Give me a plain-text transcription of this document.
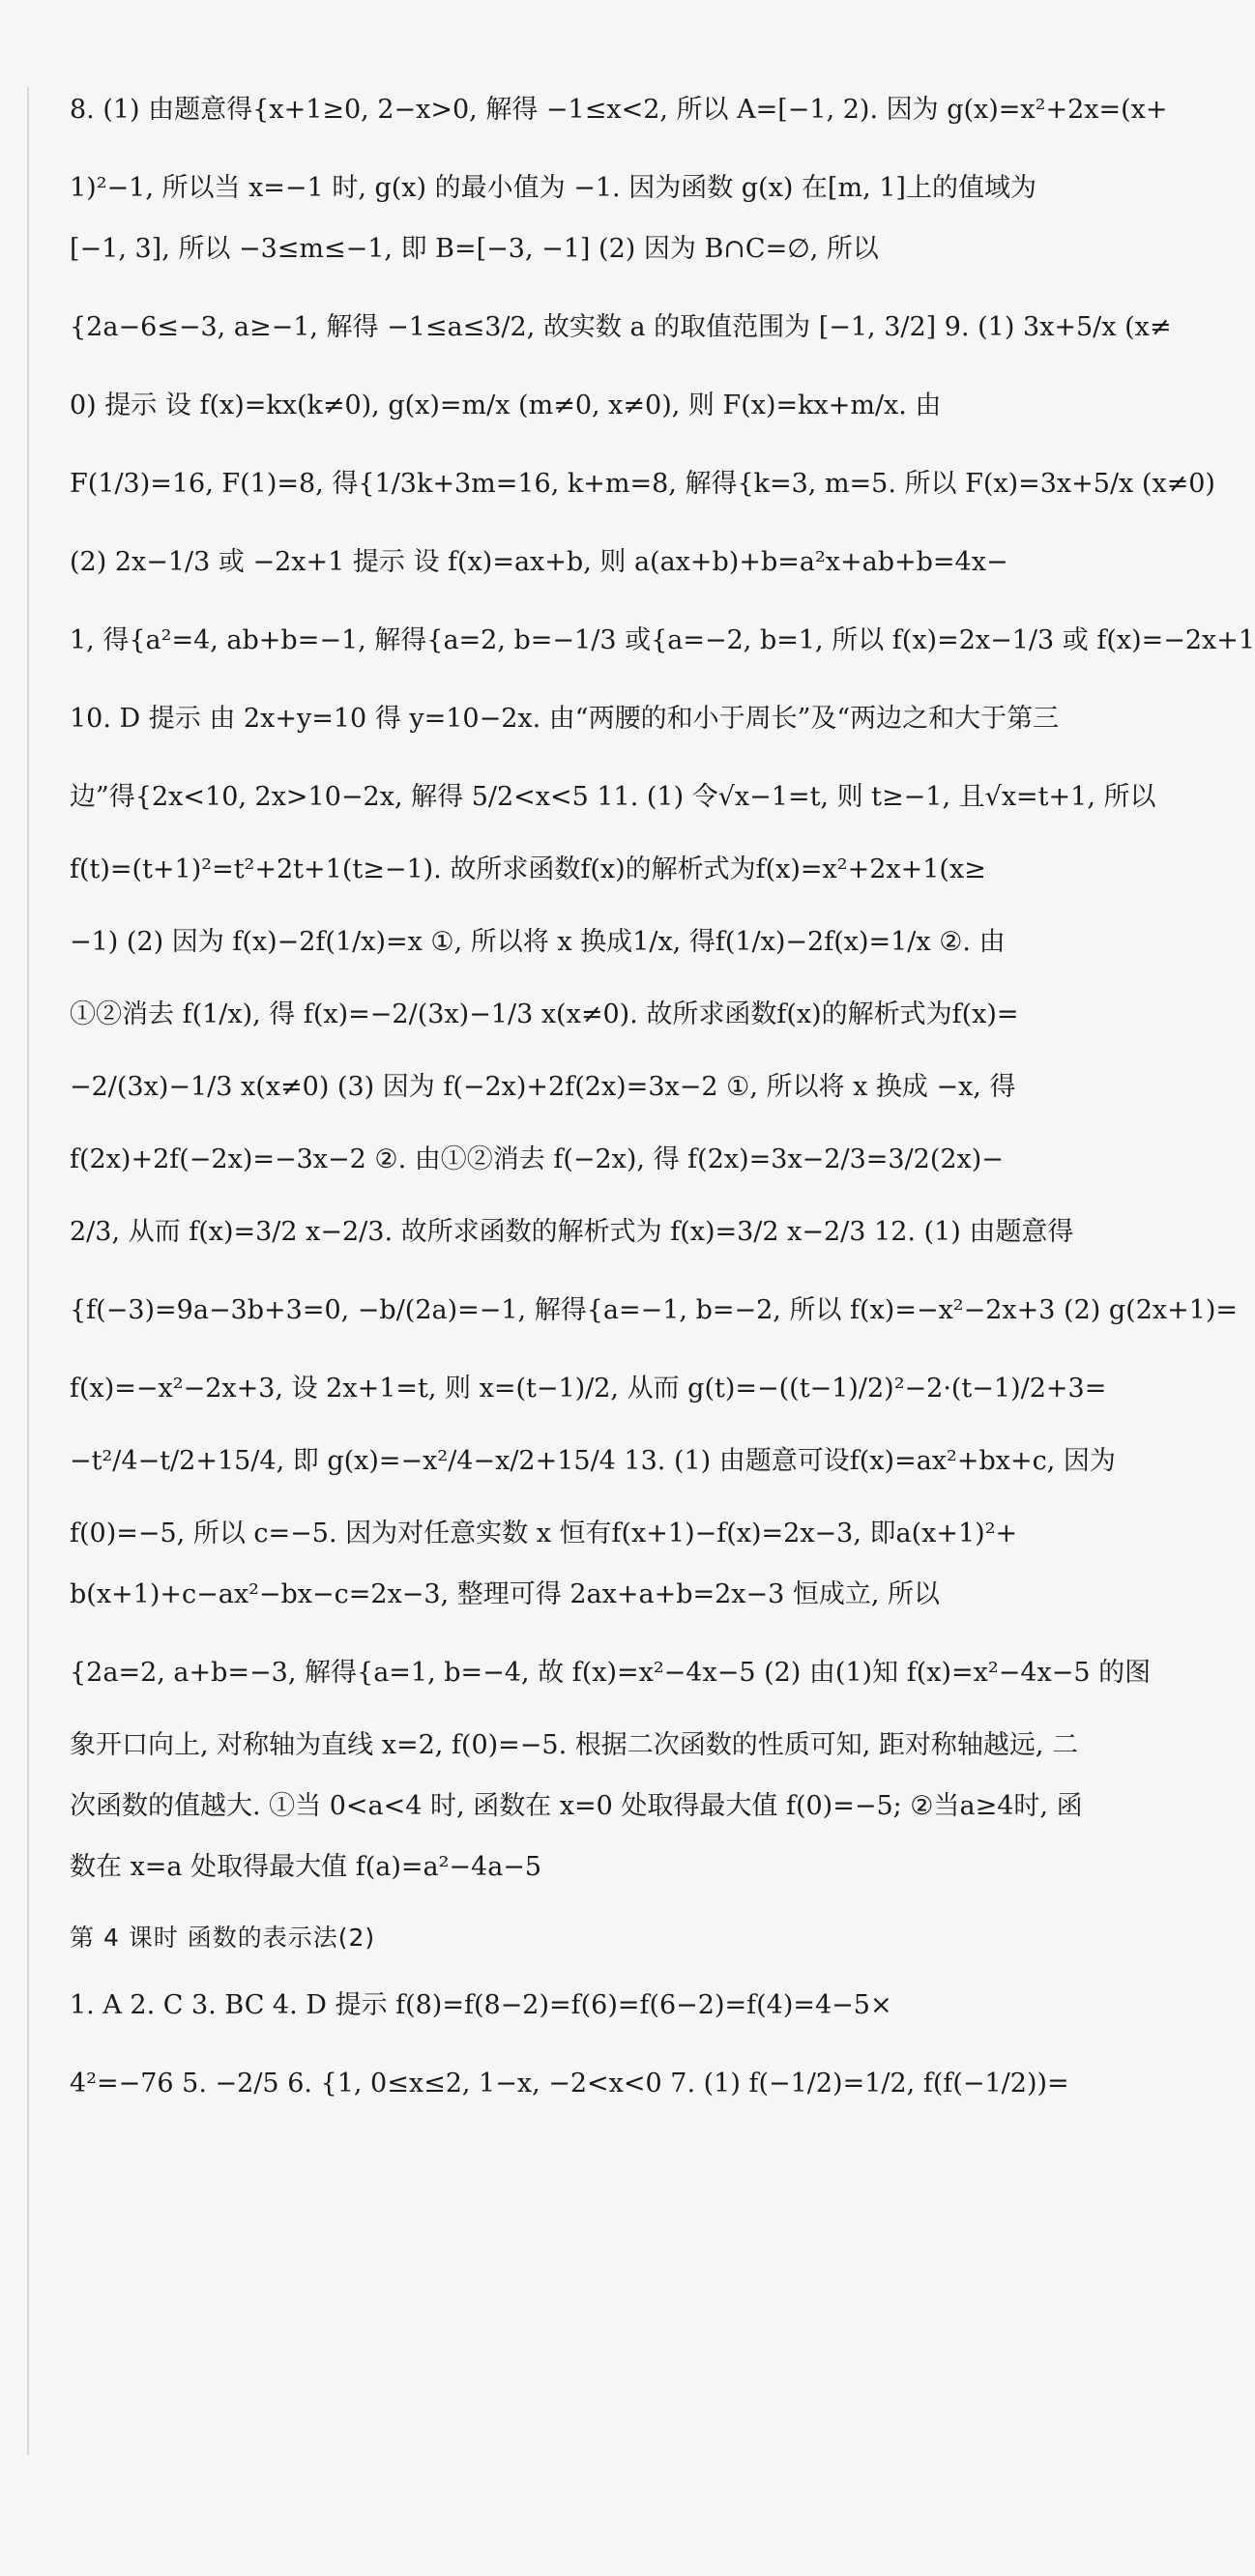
8. (1) 由题意得{x+1≥0, 2−x>0, 解得 −1≤x<2, 所以 A=[−1, 2). 因为 g(x)=x²+2x=(x+

1)²−1, 所以当 x=−1 时, g(x) 的最小值为 −1. 因为函数 g(x) 在[m, 1]上的值域为

[−1, 3], 所以 −3≤m≤−1, 即 B=[−3, −1] (2) 因为 B∩C=∅, 所以

{2a−6≤−3, a≥−1, 解得 −1≤a≤3/2, 故实数 a 的取值范围为 [−1, 3/2] 9. (1) 3x+5/x (x≠

0) 提示 设 f(x)=kx(k≠0), g(x)=m/x (m≠0, x≠0), 则 F(x)=kx+m/x. 由

F(1/3)=16, F(1)=8, 得{1/3k+3m=16, k+m=8, 解得{k=3, m=5. 所以 F(x)=3x+5/x (x≠0)

(2) 2x−1/3 或 −2x+1 提示 设 f(x)=ax+b, 则 a(ax+b)+b=a²x+ab+b=4x−

1, 得{a²=4, ab+b=−1, 解得{a=2, b=−1/3 或{a=−2, b=1, 所以 f(x)=2x−1/3 或 f(x)=−2x+1

10. D 提示 由 2x+y=10 得 y=10−2x. 由“两腰的和小于周长”及“两边之和大于第三

边”得{2x<10, 2x>10−2x, 解得 5/2<x<5 11. (1) 令√x−1=t, 则 t≥−1, 且√x=t+1, 所以

f(t)=(t+1)²=t²+2t+1(t≥−1). 故所求函数f(x)的解析式为f(x)=x²+2x+1(x≥

−1) (2) 因为 f(x)−2f(1/x)=x ①, 所以将 x 换成1/x, 得f(1/x)−2f(x)=1/x ②. 由

①②消去 f(1/x), 得 f(x)=−2/(3x)−1/3 x(x≠0). 故所求函数f(x)的解析式为f(x)=

−2/(3x)−1/3 x(x≠0) (3) 因为 f(−2x)+2f(2x)=3x−2 ①, 所以将 x 换成 −x, 得

f(2x)+2f(−2x)=−3x−2 ②. 由①②消去 f(−2x), 得 f(2x)=3x−2/3=3/2(2x)−

2/3, 从而 f(x)=3/2 x−2/3. 故所求函数的解析式为 f(x)=3/2 x−2/3 12. (1) 由题意得

{f(−3)=9a−3b+3=0, −b/(2a)=−1, 解得{a=−1, b=−2, 所以 f(x)=−x²−2x+3 (2) g(2x+1)=

f(x)=−x²−2x+3, 设 2x+1=t, 则 x=(t−1)/2, 从而 g(t)=−((t−1)/2)²−2·(t−1)/2+3=

−t²/4−t/2+15/4, 即 g(x)=−x²/4−x/2+15/4 13. (1) 由题意可设f(x)=ax²+bx+c, 因为

f(0)=−5, 所以 c=−5. 因为对任意实数 x 恒有f(x+1)−f(x)=2x−3, 即a(x+1)²+

b(x+1)+c−ax²−bx−c=2x−3, 整理可得 2ax+a+b=2x−3 恒成立, 所以

{2a=2, a+b=−3, 解得{a=1, b=−4, 故 f(x)=x²−4x−5 (2) 由(1)知 f(x)=x²−4x−5 的图

象开口向上, 对称轴为直线 x=2, f(0)=−5. 根据二次函数的性质可知, 距对称轴越远, 二

次函数的值越大. ①当 0<a<4 时, 函数在 x=0 处取得最大值 f(0)=−5; ②当a≥4时, 函

数在 x=a 处取得最大值 f(a)=a²−4a−5

第 4 课时 函数的表示法(2)

1. A 2. C 3. BC 4. D 提示 f(8)=f(8−2)=f(6)=f(6−2)=f(4)=4−5×

4²=−76 5. −2/5 6. {1, 0≤x≤2, 1−x, −2<x<0 7. (1) f(−1/2)=1/2, f(f(−1/2))=
